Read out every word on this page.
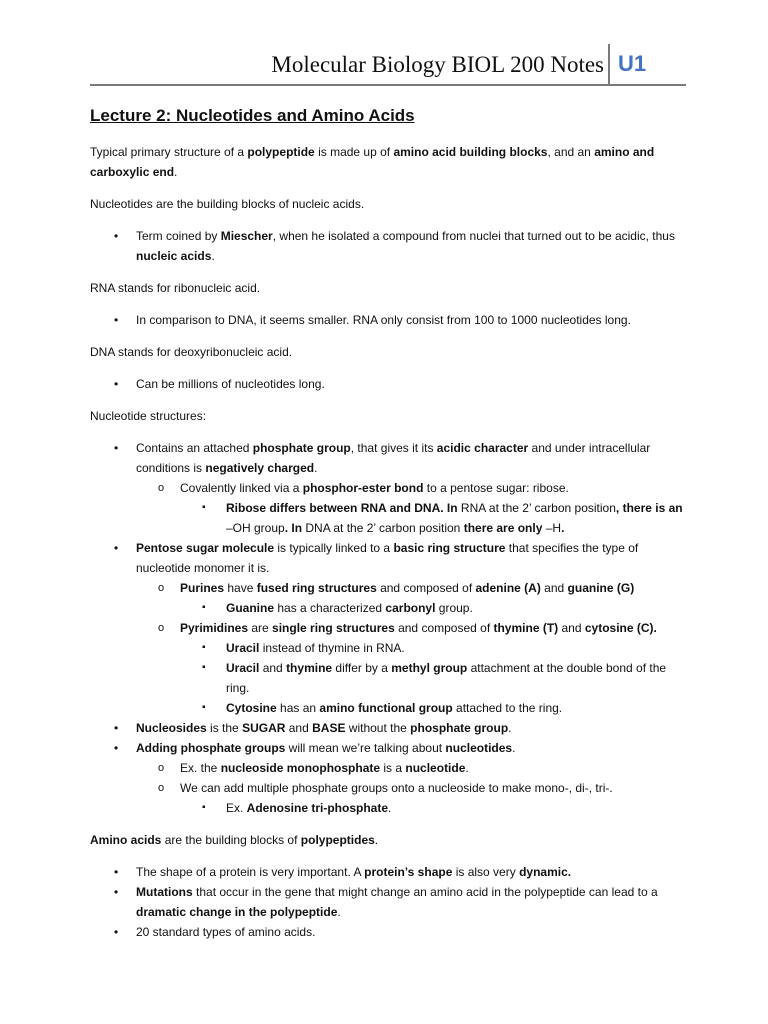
Molecular Biology BIOL 200 Notes U1
Lecture 2: Nucleotides and Amino Acids

Typical primary structure of a polypeptide is made up of amino acid building blocks, and an amino and carboxylic end.

Nucleotides are the building blocks of nucleic acids.

• Term coined by Miescher, when he isolated a compound from nuclei that turned out to be acidic, thus nucleic acids.

RNA stands for ribonucleic acid.

• In comparison to DNA, it seems smaller. RNA only consist from 100 to 1000 nucleotides long.

DNA stands for deoxyribonucleic acid.

• Can be millions of nucleotides long.

Nucleotide structures:

• Contains an attached phosphate group, that gives it its acidic character and under intracellular conditions is negatively charged.
o Covalently linked via a phosphor-ester bond to a pentose sugar: ribose.
▪ Ribose differs between RNA and DNA. In RNA at the 2’ carbon position, there is an –OH group. In DNA at the 2’ carbon position there are only –H.
• Pentose sugar molecule is typically linked to a basic ring structure that specifies the type of nucleotide monomer it is.
o Purines have fused ring structures and composed of adenine (A) and guanine (G)
▪ Guanine has a characterized carbonyl group.
o Pyrimidines are single ring structures and composed of thymine (T) and cytosine (C).
▪ Uracil instead of thymine in RNA.
▪ Uracil and thymine differ by a methyl group attachment at the double bond of the ring.
▪ Cytosine has an amino functional group attached to the ring.
• Nucleosides is the SUGAR and BASE without the phosphate group.
• Adding phosphate groups will mean we’re talking about nucleotides.
o Ex. the nucleoside monophosphate is a nucleotide.
o We can add multiple phosphate groups onto a nucleoside to make mono-, di-, tri-.
▪ Ex. Adenosine tri-phosphate.

Amino acids are the building blocks of polypeptides.

• The shape of a protein is very important. A protein’s shape is also very dynamic.
• Mutations that occur in the gene that might change an amino acid in the polypeptide can lead to a dramatic change in the polypeptide.
• 20 standard types of amino acids.
